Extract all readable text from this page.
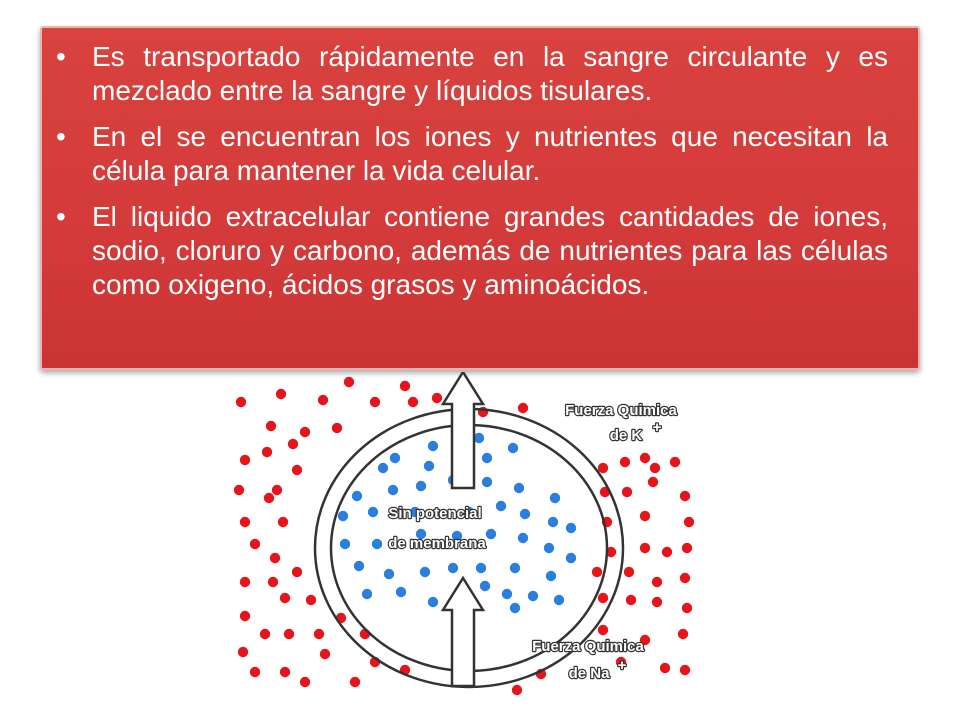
• Es transportado rápidamente en la sangre circulante y es mezclado entre la sangre y líquidos tisulares.
• En el se encuentran los iones y nutrientes que necesitan la célula para mantener la vida celular.
• El liquido extracelular contiene grandes cantidades de iones, sodio, cloruro y carbono, además de nutrientes para las células como oxigeno, ácidos grasos y aminoácidos.
Fuerza Quimica
de K +
Sin potencial
de membrana
Fuerza Quimica
de Na +
